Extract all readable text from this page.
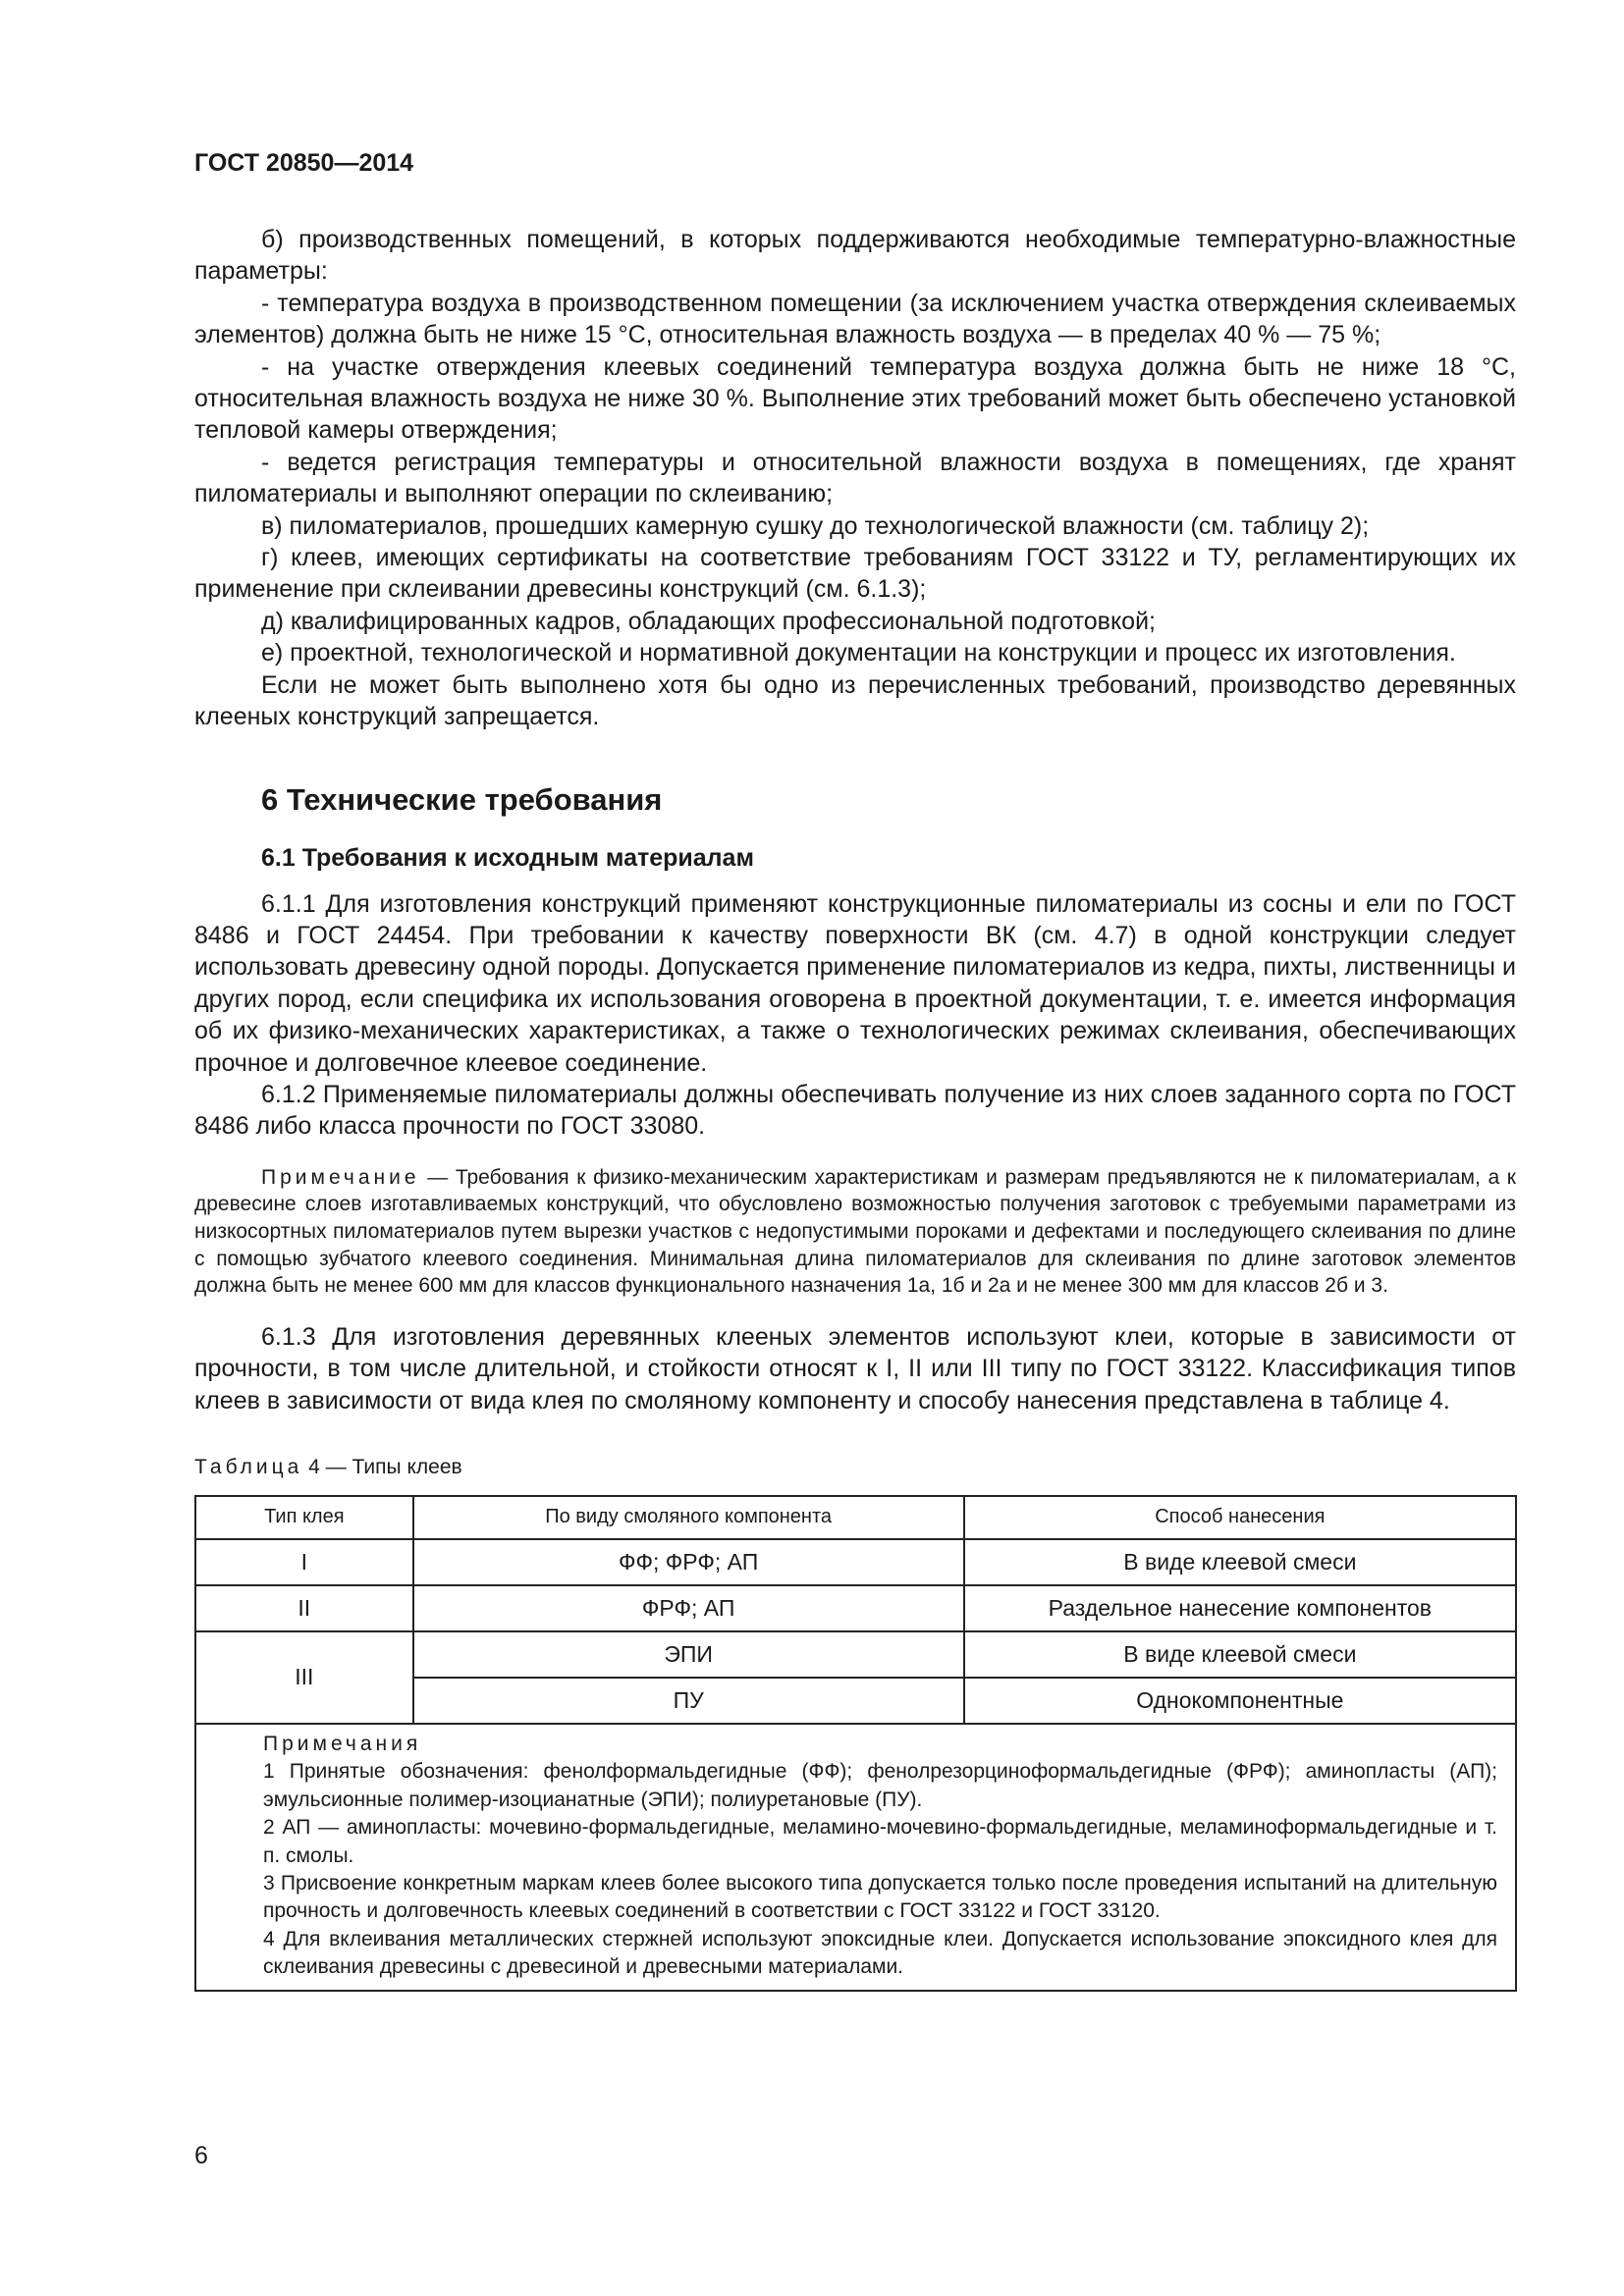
ГОСТ 20850—2014

б) производственных помещений, в которых поддерживаются необходимые температурно-влажностные параметры:

- температура воздуха в производственном помещении (за исключением участка отверждения склеиваемых элементов) должна быть не ниже 15 °С, относительная влажность воздуха — в пределах 40 % — 75 %;

- на участке отверждения клеевых соединений температура воздуха должна быть не ниже 18 °С, относительная влажность воздуха не ниже 30 %. Выполнение этих требований может быть обеспечено установкой тепловой камеры отверждения;

- ведется регистрация температуры и относительной влажности воздуха в помещениях, где хранят пиломатериалы и выполняют операции по склеиванию;

в) пиломатериалов, прошедших камерную сушку до технологической влажности (см. таблицу 2);

г) клеев, имеющих сертификаты на соответствие требованиям ГОСТ 33122 и ТУ, регламентирующих их применение при склеивании древесины конструкций (см. 6.1.3);

д) квалифицированных кадров, обладающих профессиональной подготовкой;

е) проектной, технологической и нормативной документации на конструкции и процесс их изготовления.

Если не может быть выполнено хотя бы одно из перечисленных требований, производство деревянных клееных конструкций запрещается.

6 Технические требования
6.1 Требования к исходным материалам

6.1.1 Для изготовления конструкций применяют конструкционные пиломатериалы из сосны и ели по ГОСТ 8486 и ГОСТ 24454. При требовании к качеству поверхности ВК (см. 4.7) в одной конструкции следует использовать древесину одной породы. Допускается применение пиломатериалов из кедра, пихты, лиственницы и других пород, если специфика их использования оговорена в проектной документации, т. е. имеется информация об их физико-механических характеристиках, а также о технологических режимах склеивания, обеспечивающих прочное и долговечное клеевое соединение.

6.1.2 Применяемые пиломатериалы должны обеспечивать получение из них слоев заданного сорта по ГОСТ 8486 либо класса прочности по ГОСТ 33080.

Примечание — Требования к физико-механическим характеристикам и размерам предъявляются не к пиломатериалам, а к древесине слоев изготавливаемых конструкций, что обусловлено возможностью получения заготовок с требуемыми параметрами из низкосортных пиломатериалов путем вырезки участков с недопустимыми пороками и дефектами и последующего склеивания по длине с помощью зубчатого клеевого соединения. Минимальная длина пиломатериалов для склеивания по длине заготовок элементов должна быть не менее 600 мм для классов функционального назначения 1а, 1б и 2а и не менее 300 мм для классов 2б и 3.

6.1.3 Для изготовления деревянных клееных элементов используют клеи, которые в зависимости от прочности, в том числе длительной, и стойкости относят к I, II или III типу по ГОСТ 33122. Классификация типов клеев в зависимости от вида клея по смоляному компоненту и способу нанесения представлена в таблице 4.

Таблица 4 — Типы клеев
Тип клея	По виду смоляного компонента	Способ нанесения
I	ФФ; ФРФ; АП	В виде клеевой смеси
II	ФРФ; АП	Раздельное нанесение компонентов
III	ЭПИ	В виде клеевой смеси
	ПУ	Однокомпонентные

Примечания

1 Принятые обозначения: фенолформальдегидные (ФФ); фенолрезорциноформальдегидные (ФРФ); аминопласты (АП); эмульсионные полимер-изоцианатные (ЭПИ); полиуретановые (ПУ).

2 АП — аминопласты: мочевино-формальдегидные, меламино-мочевино-формальдегидные, меламиноформальдегидные и т. п. смолы.

3 Присвоение конкретным маркам клеев более высокого типа допускается только после проведения испытаний на длительную прочность и долговечность клеевых соединений в соответствии с ГОСТ 33122 и ГОСТ 33120.

4 Для вклеивания металлических стержней используют эпоксидные клеи. Допускается использование эпоксидного клея для склеивания древесины с древесиной и древесными материалами.		

6
